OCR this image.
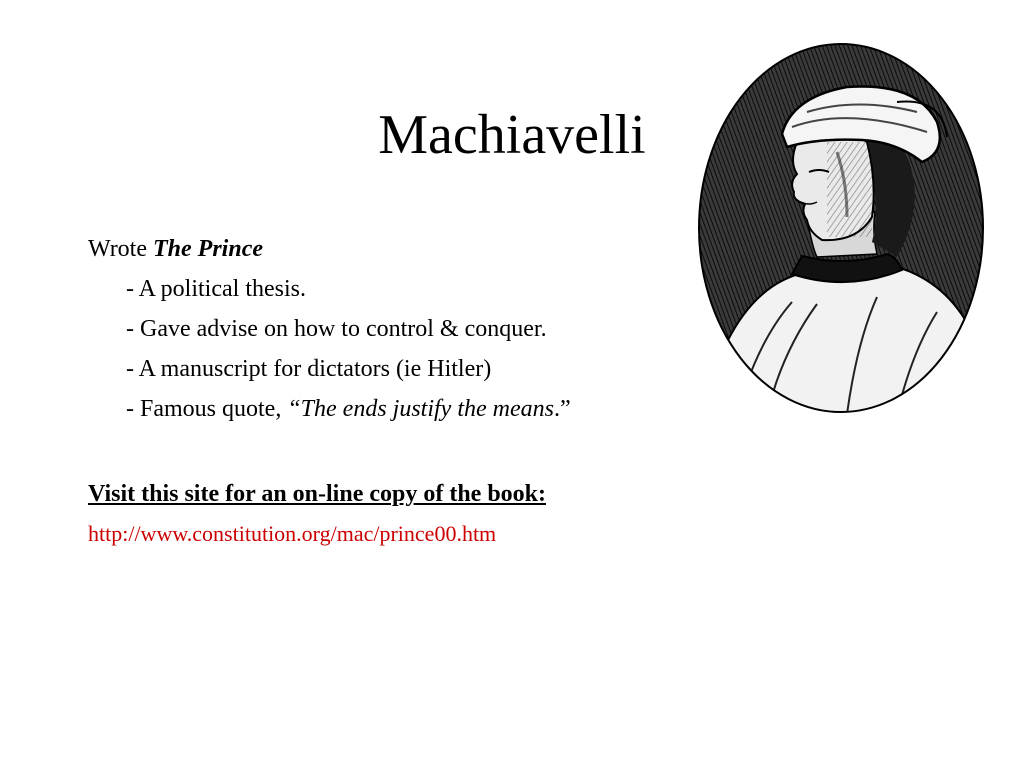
Machiavelli
Wrote The Prince
- A political thesis.
- Gave advise on how to control & conquer.
- A manuscript for dictators (ie Hitler)
- Famous quote, “The ends justify the means.”
Visit this site for an on-line copy of the book:
http://www.constitution.org/mac/prince00.htm
